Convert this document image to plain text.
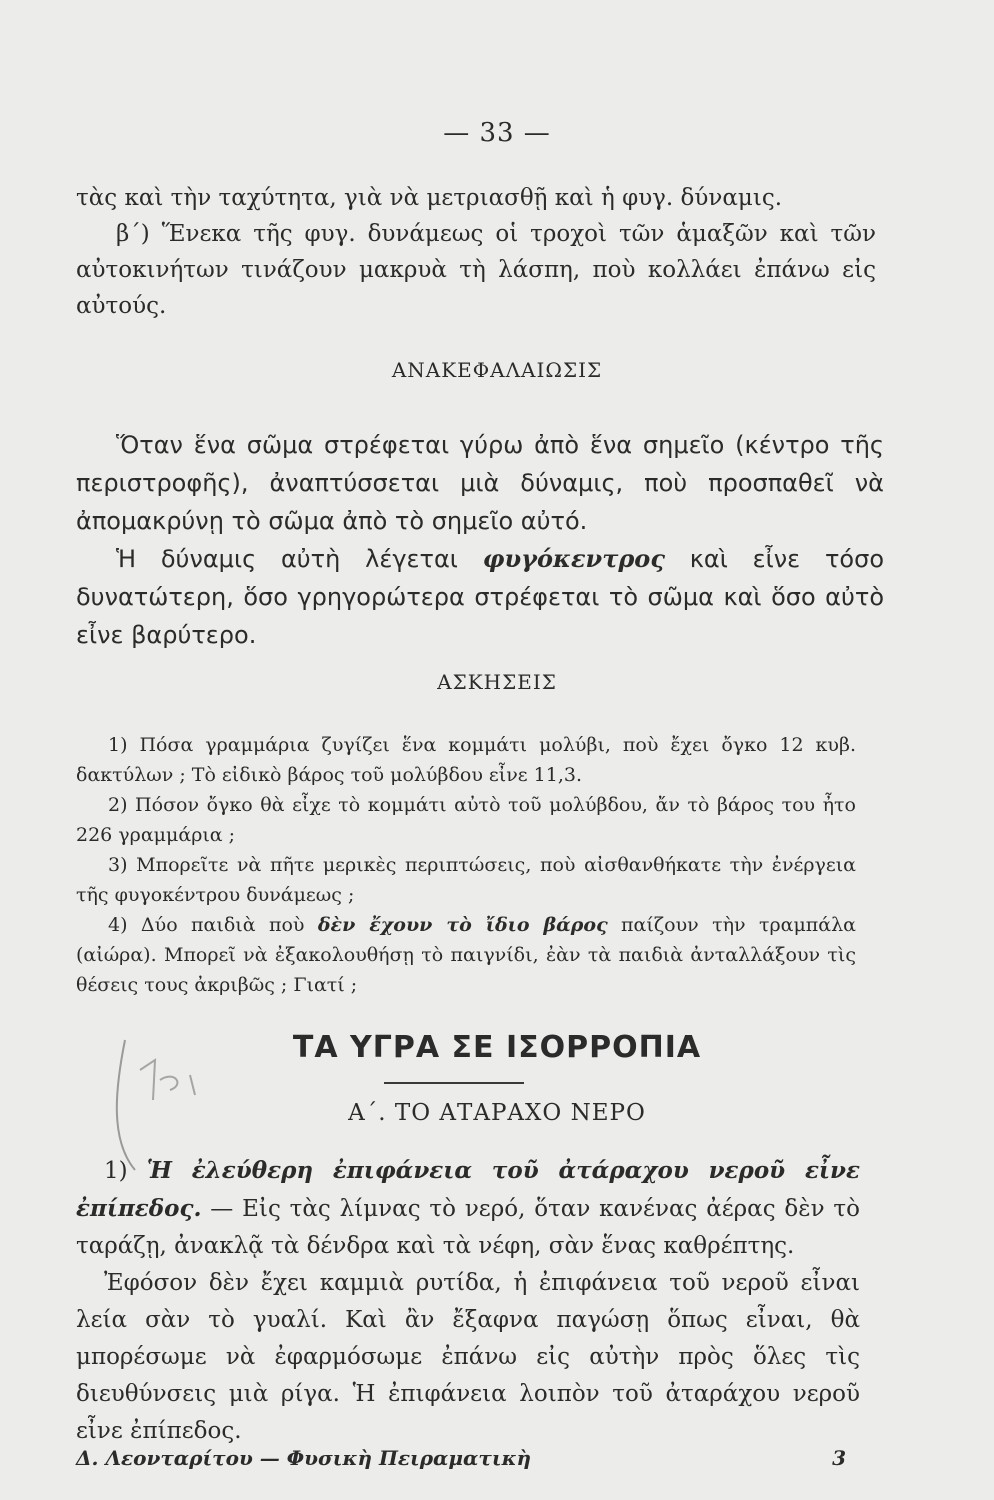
— 33 —

τὰς καὶ τὴν ταχύτητα, γιὰ νὰ μετριασθῇ καὶ ἡ φυγ. δύναμις.

β΄) Ἕνεκα τῆς φυγ. δυνάμεως οἱ τροχοὶ τῶν ἁμαξῶν καὶ τῶν αὐτοκινήτων τινάζουν μακρυὰ τὴ λάσπη, ποὺ κολλάει ἐπάνω εἰς αὐτούς.

ΑΝΑΚΕΦΑΛΑΙΩΣΙΣ

Ὅταν ἕνα σῶμα στρέφεται γύρω ἀπὸ ἕνα σημεῖο (κέντρο τῆς περιστροφῆς), ἀναπτύσσεται μιὰ δύναμις, ποὺ προσπαθεῖ νὰ ἀπομακρύνῃ τὸ σῶμα ἀπὸ τὸ σημεῖο αὐτό.

Ἡ δύναμις αὐτὴ λέγεται φυγόκεντρος καὶ εἶνε τόσο δυνατώτερη, ὅσο γρηγορώτερα στρέφεται τὸ σῶμα καὶ ὅσο αὐτὸ εἶνε βαρύτερο.

ΑΣΚΗΣΕΙΣ

1) Πόσα γραμμάρια ζυγίζει ἕνα κομμάτι μολύβι, ποὺ ἔχει ὄγκο 12 κυβ. δακτύλων ; Τὸ εἰδικὸ βάρος τοῦ μολύβδου εἶνε 11,3.

2) Πόσον ὄγκο θὰ εἶχε τὸ κομμάτι αὐτὸ τοῦ μολύβδου, ἄν τὸ βάρος του ἦτο 226 γραμμάρια ;

3) Μπορεῖτε νὰ πῆτε μερικὲς περιπτώσεις, ποὺ αἰσθανθήκατε τὴν ἐνέργεια τῆς φυγοκέντρου δυνάμεως ;

4) Δύο παιδιὰ ποὺ δὲν ἔχουν τὸ ἴδιο βάρος παίζουν τὴν τραμπάλα (αἰώρα). Μπορεῖ νὰ ἐξακολουθήσῃ τὸ παιγνίδι, ἐὰν τὰ παιδιὰ ἀνταλλάξουν τὶς θέσεις τους ἀκριβῶς ; Γιατί ;

ΤΑ ΥΓΡΑ ΣΕ ΙΣΟΡΡΟΠΙΑ
Α΄. ΤΟ ΑΤΑΡΑΧΟ ΝΕΡΟ

1) Ἡ ἐλεύθερη ἐπιφάνεια τοῦ ἀτάραχου νεροῦ εἶνε ἐπίπεδος. — Εἰς τὰς λίμνας τὸ νερό, ὅταν κανένας ἀέρας δὲν τὸ ταράζῃ, ἀνακλᾷ τὰ δένδρα καὶ τὰ νέφη, σὰν ἕνας καθρέπτης.

Ἐφόσον δὲν ἔχει καμμιὰ ρυτίδα, ἡ ἐπιφάνεια τοῦ νεροῦ εἶναι λεία σὰν τὸ γυαλί. Καὶ ἂν ἔξαφνα παγώσῃ ὅπως εἶναι, θὰ μπορέσωμε νὰ ἐφαρμόσωμε ἐπάνω εἰς αὐτὴν πρὸς ὅλες τὶς διευθύνσεις μιὰ ρίγα. Ἡ ἐπιφάνεια λοιπὸν τοῦ ἀταράχου νεροῦ εἶνε ἐπίπεδος.

Δ. Λεονταρίτου — Φυσικὴ Πειραματικὴ	3
